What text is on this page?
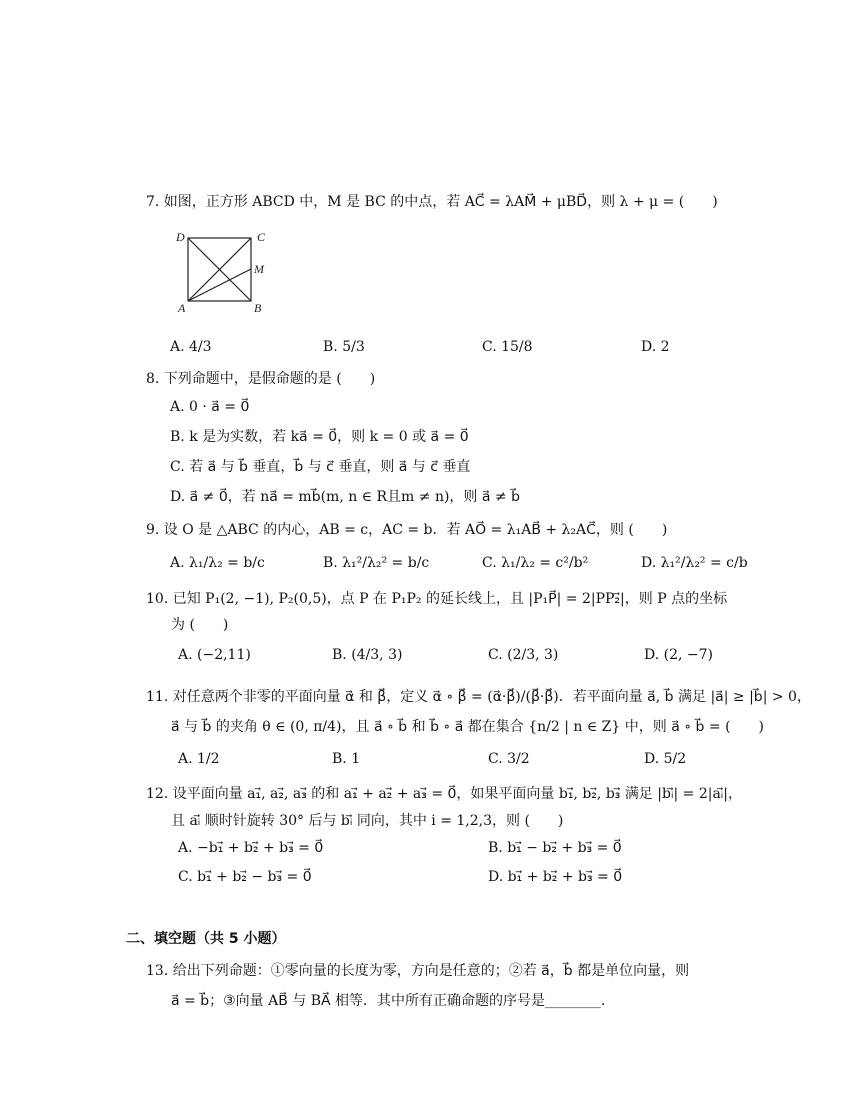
7. 如图，正方形 ABCD 中，M 是 BC 的中点，若 AC⃗ = λAM⃗ + μBD⃗，则 λ + μ = (　　)
D	C
M
A	B
A. 4/3	B. 5/3	C. 15/8	D. 2
8. 下列命题中，是假命题的是 (　　)
A. 0 · a⃗ = 0⃗
B. k 是为实数，若 ka⃗ = 0⃗，则 k = 0 或 a⃗ = 0⃗
C. 若 a⃗ 与 b⃗ 垂直，b⃗ 与 c⃗ 垂直，则 a⃗ 与 c⃗ 垂直
D. a⃗ ≠ 0⃗，若 na⃗ = mb⃗(m, n ∈ R且m ≠ n)，则 a⃗ ≠ b⃗
9. 设 O 是 △ABC 的内心，AB = c，AC = b．若 AO⃗ = λ₁AB⃗ + λ₂AC⃗，则 (　　)
A. λ₁/λ₂ = b/c	B. λ₁²/λ₂² = b/c	C. λ₁/λ₂ = c²/b²	D. λ₁²/λ₂² = c/b
10. 已知 P₁(2, −1), P₂(0,5)，点 P 在 P₁P₂ 的延长线上，且 |P₁P⃗| = 2|PP₂⃗|，则 P 点的坐标
为 (　　)
A. (−2,11)	B. (4/3, 3)	C. (2/3, 3)	D. (2, −7)
11. 对任意两个非零的平面向量 α⃗ 和 β⃗，定义 α⃗ ∘ β⃗ = (α⃗·β⃗)/(β⃗·β⃗)．若平面向量 a⃗, b⃗ 满足 |a⃗| ≥ |b⃗| > 0，
a⃗ 与 b⃗ 的夹角 θ ∈ (0, π/4)，且 a⃗ ∘ b⃗ 和 b⃗ ∘ a⃗ 都在集合 {n/2 | n ∈ Z} 中，则 a⃗ ∘ b⃗ = (　　)
A. 1/2	B. 1	C. 3/2	D. 5/2
12. 设平面向量 a₁⃗, a₂⃗, a₃⃗ 的和 a₁⃗ + a₂⃗ + a₃⃗ = 0⃗，如果平面向量 b₁⃗, b₂⃗, b₃⃗ 满足 |bᵢ⃗| = 2|aᵢ⃗|，
且 aᵢ⃗ 顺时针旋转 30° 后与 bᵢ⃗ 同向，其中 i = 1,2,3，则 (　　)
A. −b₁⃗ + b₂⃗ + b₃⃗ = 0⃗	B. b₁⃗ − b₂⃗ + b₃⃗ = 0⃗
C. b₁⃗ + b₂⃗ − b₃⃗ = 0⃗	D. b₁⃗ + b₂⃗ + b₃⃗ = 0⃗
二、填空题（共 5 小题）
13. 给出下列命题：①零向量的长度为零，方向是任意的；②若 a⃗，b⃗ 都是单位向量，则
a⃗ = b⃗；③向量 AB⃗ 与 BA⃗ 相等．其中所有正确命题的序号是________．
